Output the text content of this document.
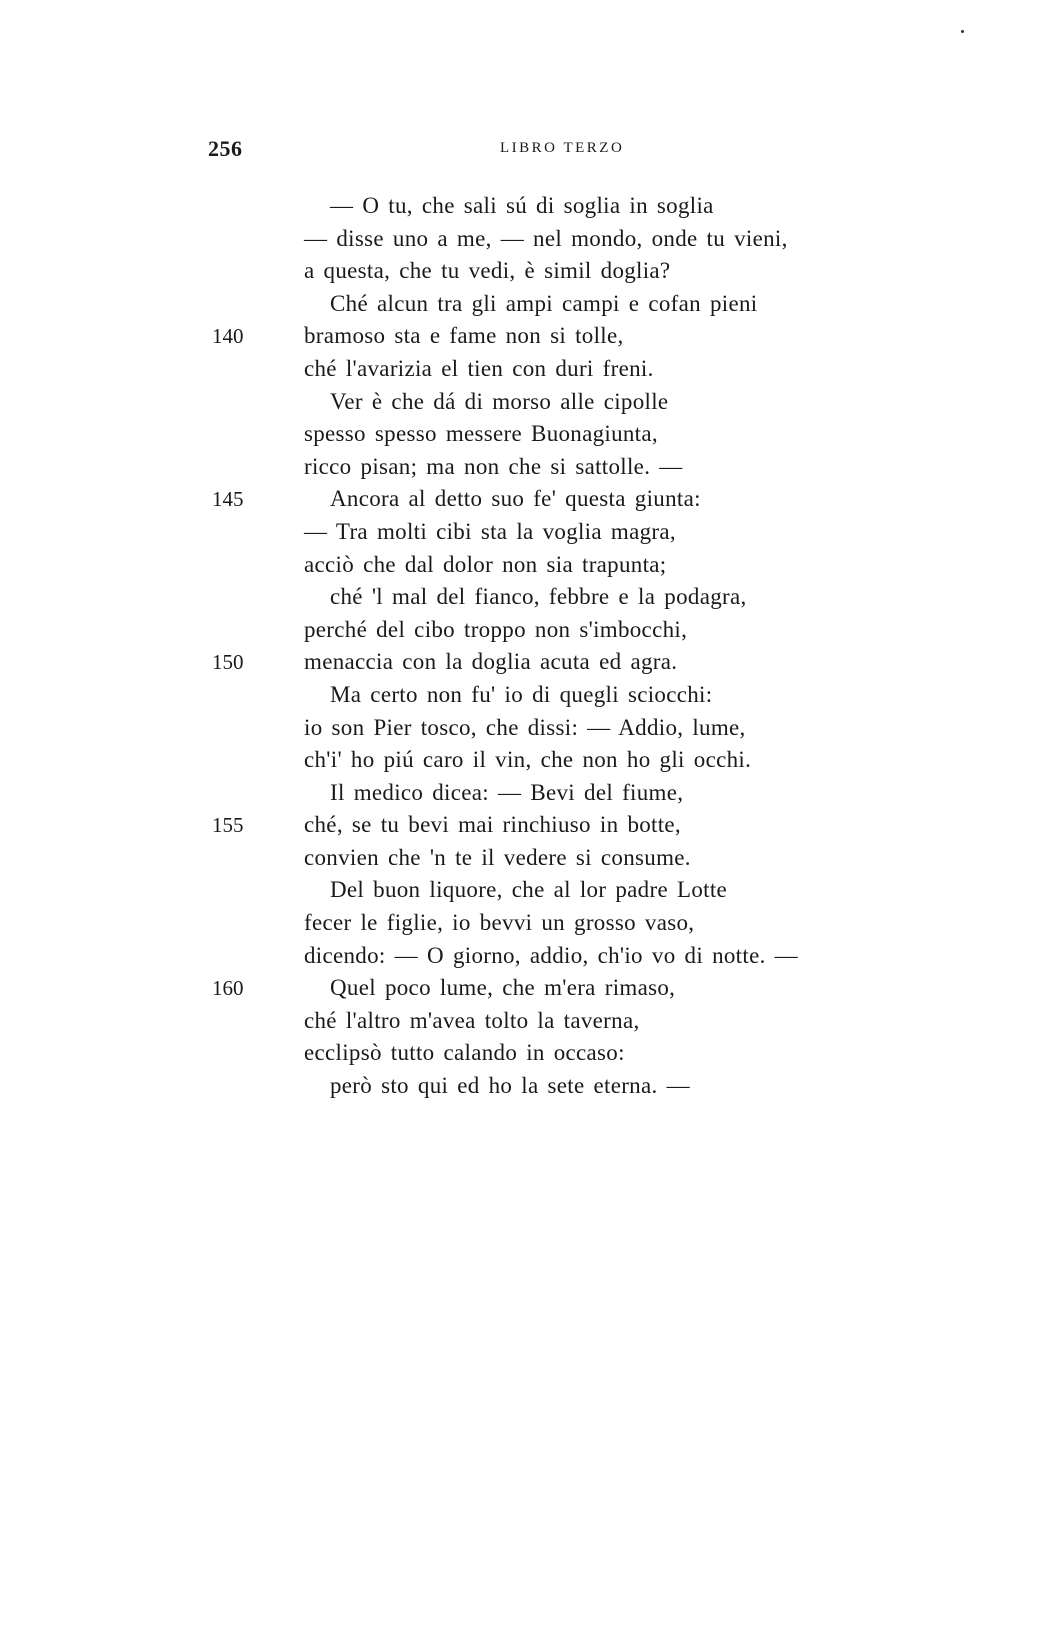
256	LIBRO TERZO
— O tu, che sali sú di soglia in soglia
— disse uno a me, — nel mondo, onde tu vieni,
a questa, che tu vedi, è simil doglia?
Ché alcun tra gli ampi campi e cofan pieni
140	bramoso sta e fame non si tolle,
ché l'avarizia el tien con duri freni.
Ver è che dá di morso alle cipolle
spesso spesso messere Buonagiunta,
ricco pisan; ma non che si sattolle. —
145	Ancora al detto suo fe' questa giunta:
— Tra molti cibi sta la voglia magra,
acciò che dal dolor non sia trapunta;
ché 'l mal del fianco, febbre e la podagra,
perché del cibo troppo non s'imbocchi,
150	menaccia con la doglia acuta ed agra.
Ma certo non fu' io di quegli sciocchi:
io son Pier tosco, che dissi: — Addio, lume,
ch'i' ho piú caro il vin, che non ho gli occhi.
Il medico dicea: — Bevi del fiume,
155	ché, se tu bevi mai rinchiuso in botte,
convien che 'n te il vedere si consume.
Del buon liquore, che al lor padre Lotte
fecer le figlie, io bevvi un grosso vaso,
dicendo: — O giorno, addio, ch'io vo di notte. —
160	Quel poco lume, che m'era rimaso,
ché l'altro m'avea tolto la taverna,
ecclipsò tutto calando in occaso:
però sto qui ed ho la sete eterna. —
